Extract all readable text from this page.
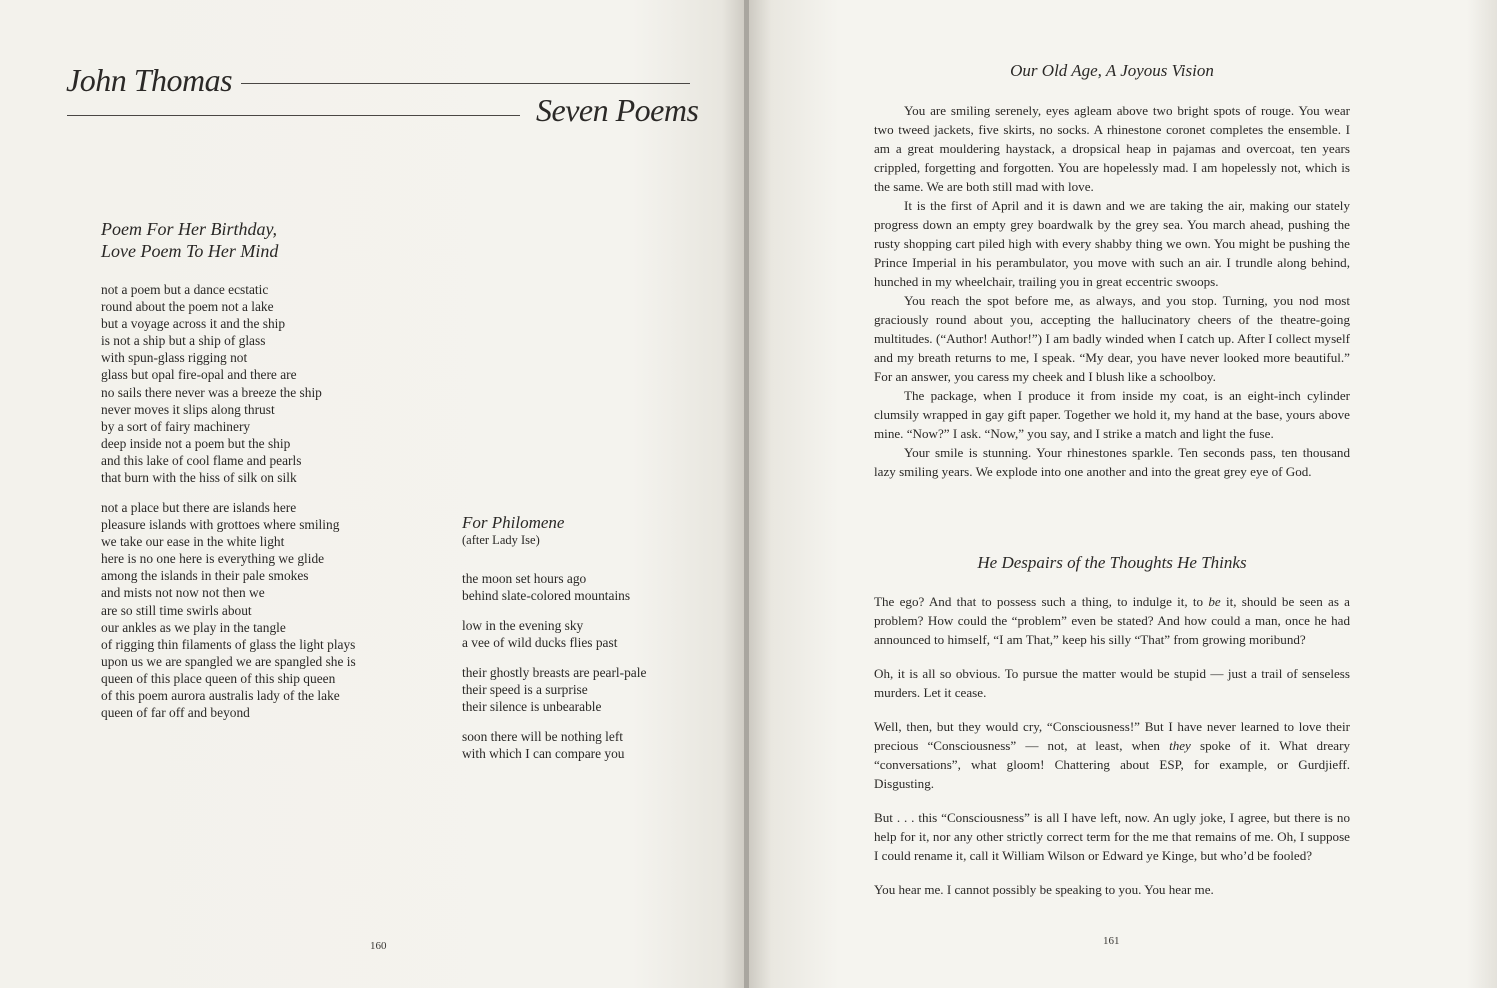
John Thomas
Seven Poems
Poem For Her Birthday,
Love Poem To Her Mind
not a poem but a dance ecstatic
round about the poem not a lake
but a voyage across it and the ship
is not a ship but a ship of glass
with spun-glass rigging not
glass but opal fire-opal and there are
no sails there never was a breeze the ship
never moves it slips along thrust
by a sort of fairy machinery
deep inside not a poem but the ship
and this lake of cool flame and pearls
that burn with the hiss of silk on silk
not a place but there are islands here
pleasure islands with grottoes where smiling
we take our ease in the white light
here is no one here is everything we glide
among the islands in their pale smokes
and mists not now not then we
are so still time swirls about
our ankles as we play in the tangle
of rigging thin filaments of glass the light plays
upon us we are spangled we are spangled she is
queen of this place queen of this ship queen
of this poem aurora australis lady of the lake
queen of far off and beyond
For Philomene
(after Lady Ise)
the moon set hours ago
behind slate-colored mountains
low in the evening sky
a vee of wild ducks flies past
their ghostly breasts are pearl-pale
their speed is a surprise
their silence is unbearable
soon there will be nothing left
with which I can compare you
160
Our Old Age, A Joyous Vision

You are smiling serenely, eyes agleam above two bright spots of rouge. You wear two tweed jackets, five skirts, no socks. A rhinestone coronet completes the ensemble. I am a great mouldering haystack, a dropsical heap in pajamas and overcoat, ten years crippled, forgetting and forgotten. You are hopelessly mad. I am hopelessly not, which is the same. We are both still mad with love.

It is the first of April and it is dawn and we are taking the air, making our stately progress down an empty grey boardwalk by the grey sea. You march ahead, pushing the rusty shopping cart piled high with every shabby thing we own. You might be pushing the Prince Imperial in his perambulator, you move with such an air. I trundle along behind, hunched in my wheelchair, trailing you in great eccentric swoops.

You reach the spot before me, as always, and you stop. Turning, you nod most graciously round about you, accepting the hallucinatory cheers of the theatre-going multitudes. (“Author! Author!”) I am badly winded when I catch up. After I collect myself and my breath returns to me, I speak. “My dear, you have never looked more beautiful.” For an answer, you caress my cheek and I blush like a schoolboy.

The package, when I produce it from inside my coat, is an eight-inch cylinder clumsily wrapped in gay gift paper. Together we hold it, my hand at the base, yours above mine. “Now?” I ask. “Now,” you say, and I strike a match and light the fuse.

Your smile is stunning. Your rhinestones sparkle. Ten seconds pass, ten thousand lazy smiling years. We explode into one another and into the great grey eye of God.

He Despairs of the Thoughts He Thinks

The ego? And that to possess such a thing, to indulge it, to be it, should be seen as a problem? How could the “problem” even be stated? And how could a man, once he had announced to himself, “I am That,” keep his silly “That” from growing moribund?

Oh, it is all so obvious. To pursue the matter would be stupid — just a trail of senseless murders. Let it cease.

Well, then, but they would cry, “Consciousness!” But I have never learned to love their precious “Consciousness” — not, at least, when they spoke of it. What dreary “conversations”, what gloom! Chattering about ESP, for example, or Gurdjieff. Disgusting.

But . . . this “Consciousness” is all I have left, now. An ugly joke, I agree, but there is no help for it, nor any other strictly correct term for the me that remains of me. Oh, I suppose I could rename it, call it William Wilson or Edward ye Kinge, but who’d be fooled?

You hear me. I cannot possibly be speaking to you. You hear me.

161
